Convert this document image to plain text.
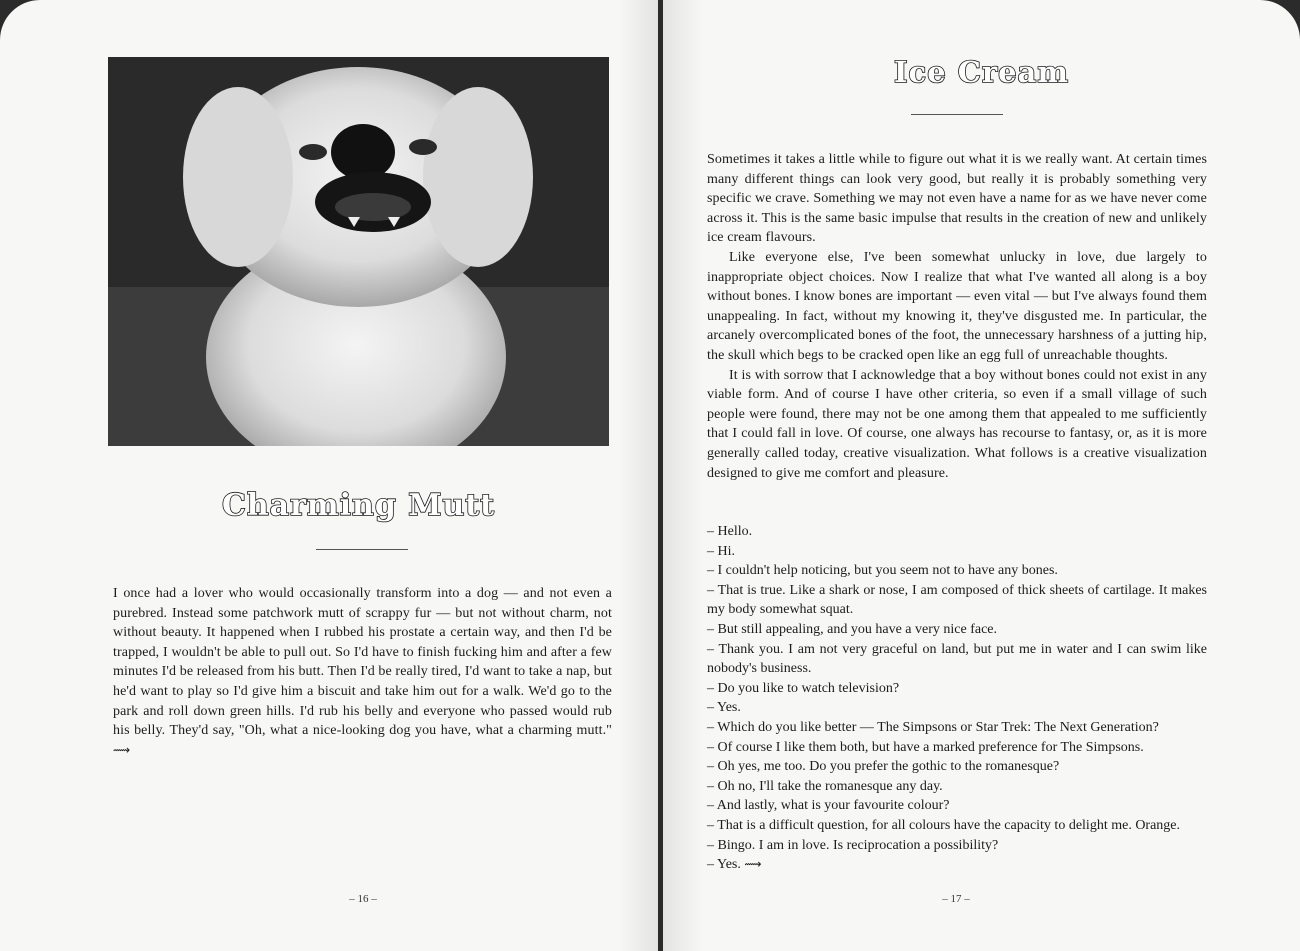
Charming Mutt

I once had a lover who would occasionally transform into a dog — and not even a purebred. Instead some patchwork mutt of scrappy fur — but not without charm, not without beauty. It happened when I rubbed his prostate a certain way, and then I'd be trapped, I wouldn't be able to pull out. So I'd have to finish fucking him and after a few minutes I'd be released from his butt. Then I'd be really tired, I'd want to take a nap, but he'd want to play so I'd give him a biscuit and take him out for a walk. We'd go to the park and roll down green hills. I'd rub his belly and everyone who passed would rub his belly. They'd say, "Oh, what a nice-looking dog you have, what a charming mutt." ⟿

– 16 –
Ice Cream

Sometimes it takes a little while to figure out what it is we really want. At certain times many different things can look very good, but really it is probably something very specific we crave. Something we may not even have a name for as we have never come across it. This is the same basic impulse that results in the creation of new and unlikely ice cream flavours.

Like everyone else, I've been somewhat unlucky in love, due largely to inappropriate object choices. Now I realize that what I've wanted all along is a boy without bones. I know bones are important — even vital — but I've always found them unappealing. In fact, without my knowing it, they've disgusted me. In particular, the arcanely overcomplicated bones of the foot, the unnecessary harshness of a jutting hip, the skull which begs to be cracked open like an egg full of unreachable thoughts.

It is with sorrow that I acknowledge that a boy without bones could not exist in any viable form. And of course I have other criteria, so even if a small village of such people were found, there may not be one among them that appealed to me sufficiently that I could fall in love. Of course, one always has recourse to fantasy, or, as it is more generally called today, creative visualization. What follows is a creative visualization designed to give me comfort and pleasure.

– Hello.

– Hi.

– I couldn't help noticing, but you seem not to have any bones.

– That is true. Like a shark or nose, I am composed of thick sheets of cartilage. It makes my body somewhat squat.

– But still appealing, and you have a very nice face.

– Thank you. I am not very graceful on land, but put me in water and I can swim like nobody's business.

– Do you like to watch television?

– Yes.

– Which do you like better — The Simpsons or Star Trek: The Next Generation?

– Of course I like them both, but have a marked preference for The Simpsons.

– Oh yes, me too. Do you prefer the gothic to the romanesque?

– Oh no, I'll take the romanesque any day.

– And lastly, what is your favourite colour?

– That is a difficult question, for all colours have the capacity to delight me. Orange.

– Bingo. I am in love. Is reciprocation a possibility?

– Yes. ⟿

– 17 –
